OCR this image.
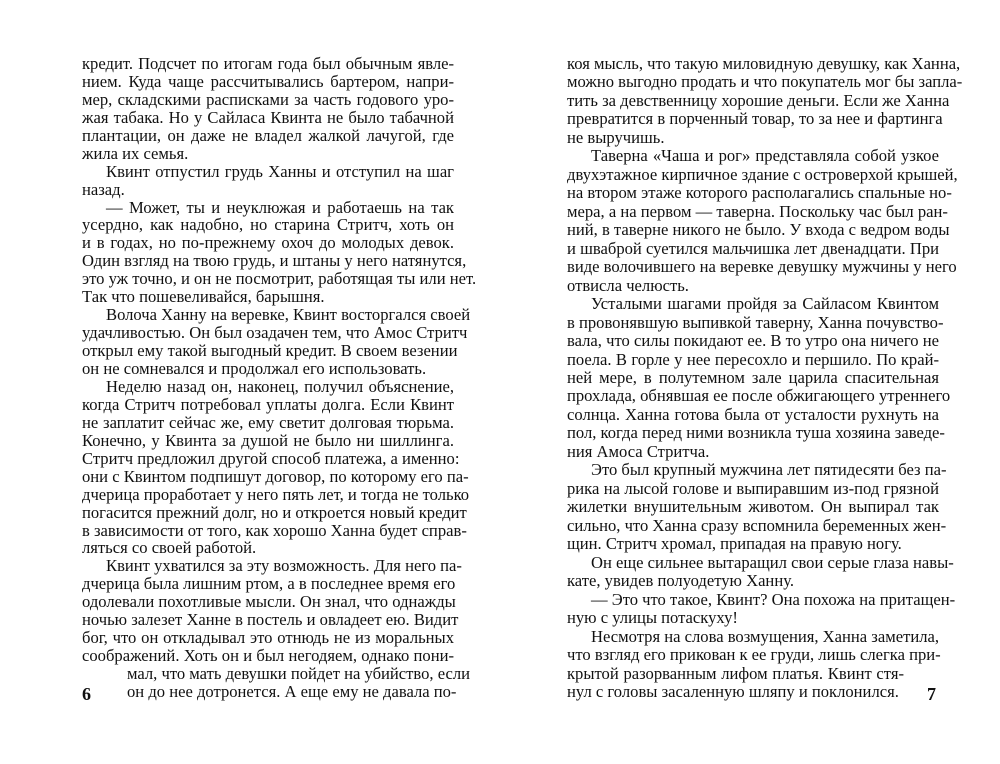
кредит. Подсчет по итогам года был обычным явле-
нием. Куда чаще рассчитывались бартером, напри-
мер, складскими расписками за часть годового уро-
жая табака. Но у Сайласа Квинта не было табачной
плантации, он даже не владел жалкой лачугой, где
жила их семья.
Квинт отпустил грудь Ханны и отступил на шаг
назад.
— Может, ты и неуклюжая и работаешь на так
усердно, как надобно, но старина Стритч, хоть он
и в годах, но по-прежнему охоч до молодых девок.
Один взгляд на твою грудь, и штаны у него натянутся,
это уж точно, и он не посмотрит, работящая ты или нет.
Так что пошевеливайся, барышня.
Волоча Ханну на веревке, Квинт восторгался своей
удачливостью. Он был озадачен тем, что Амос Стритч
открыл ему такой выгодный кредит. В своем везении
он не сомневался и продолжал его использовать.
Неделю назад он, наконец, получил объяснение,
когда Стритч потребовал уплаты долга. Если Квинт
не заплатит сейчас же, ему светит долговая тюрьма.
Конечно, у Квинта за душой не было ни шиллинга.
Стритч предложил другой способ платежа, а именно:
они с Квинтом подпишут договор, по которому его па-
дчерица проработает у него пять лет, и тогда не только
погасится прежний долг, но и откроется новый кредит
в зависимости от того, как хорошо Ханна будет справ-
ляться со своей работой.
Квинт ухватился за эту возможность. Для него па-
дчерица была лишним ртом, а в последнее время его
одолевали похотливые мысли. Он знал, что однажды
ночью залезет Ханне в постель и овладеет ею. Видит
бог, что он откладывал это отнюдь не из моральных
соображений. Хоть он и был негодяем, однако пони-
мал, что мать девушки пойдет на убийство, если
он до нее дотронется. А еще ему не давала по-
коя мысль, что такую миловидную девушку, как Ханна,
можно выгодно продать и что покупатель мог бы запла-
тить за девственницу хорошие деньги. Если же Ханна
превратится в порченный товар, то за нее и фартинга
не выручишь.
Таверна «Чаша и рог» представляла собой узкое
двухэтажное кирпичное здание с островерхой крышей,
на втором этаже которого располагались спальные но-
мера, а на первом — таверна. Поскольку час был ран-
ний, в таверне никого не было. У входа с ведром воды
и шваброй суетился мальчишка лет двенадцати. При
виде волочившего на веревке девушку мужчины у него
отвисла челюсть.
Усталыми шагами пройдя за Сайласом Квинтом
в провонявшую выпивкой таверну, Ханна почувство-
вала, что силы покидают ее. В то утро она ничего не
поела. В горле у нее пересохло и першило. По край-
ней мере, в полутемном зале царила спасительная
прохлада, обнявшая ее после обжигающего утреннего
солнца. Ханна готова была от усталости рухнуть на
пол, когда перед ними возникла туша хозяина заведе-
ния Амоса Стритча.
Это был крупный мужчина лет пятидесяти без па-
рика на лысой голове и выпиравшим из-под грязной
жилетки внушительным животом. Он выпирал так
сильно, что Ханна сразу вспомнила беременных жен-
щин. Стритч хромал, припадая на правую ногу.
Он еще сильнее вытаращил свои серые глаза навы-
кате, увидев полуодетую Ханну.
— Это что такое, Квинт? Она похожа на притащен-
ную с улицы потаскуху!
Несмотря на слова возмущения, Ханна заметила,
что взгляд его прикован к ее груди, лишь слегка при-
крытой разорванным лифом платья. Квинт стя-
нул с головы засаленную шляпу и поклонился.
6	7
